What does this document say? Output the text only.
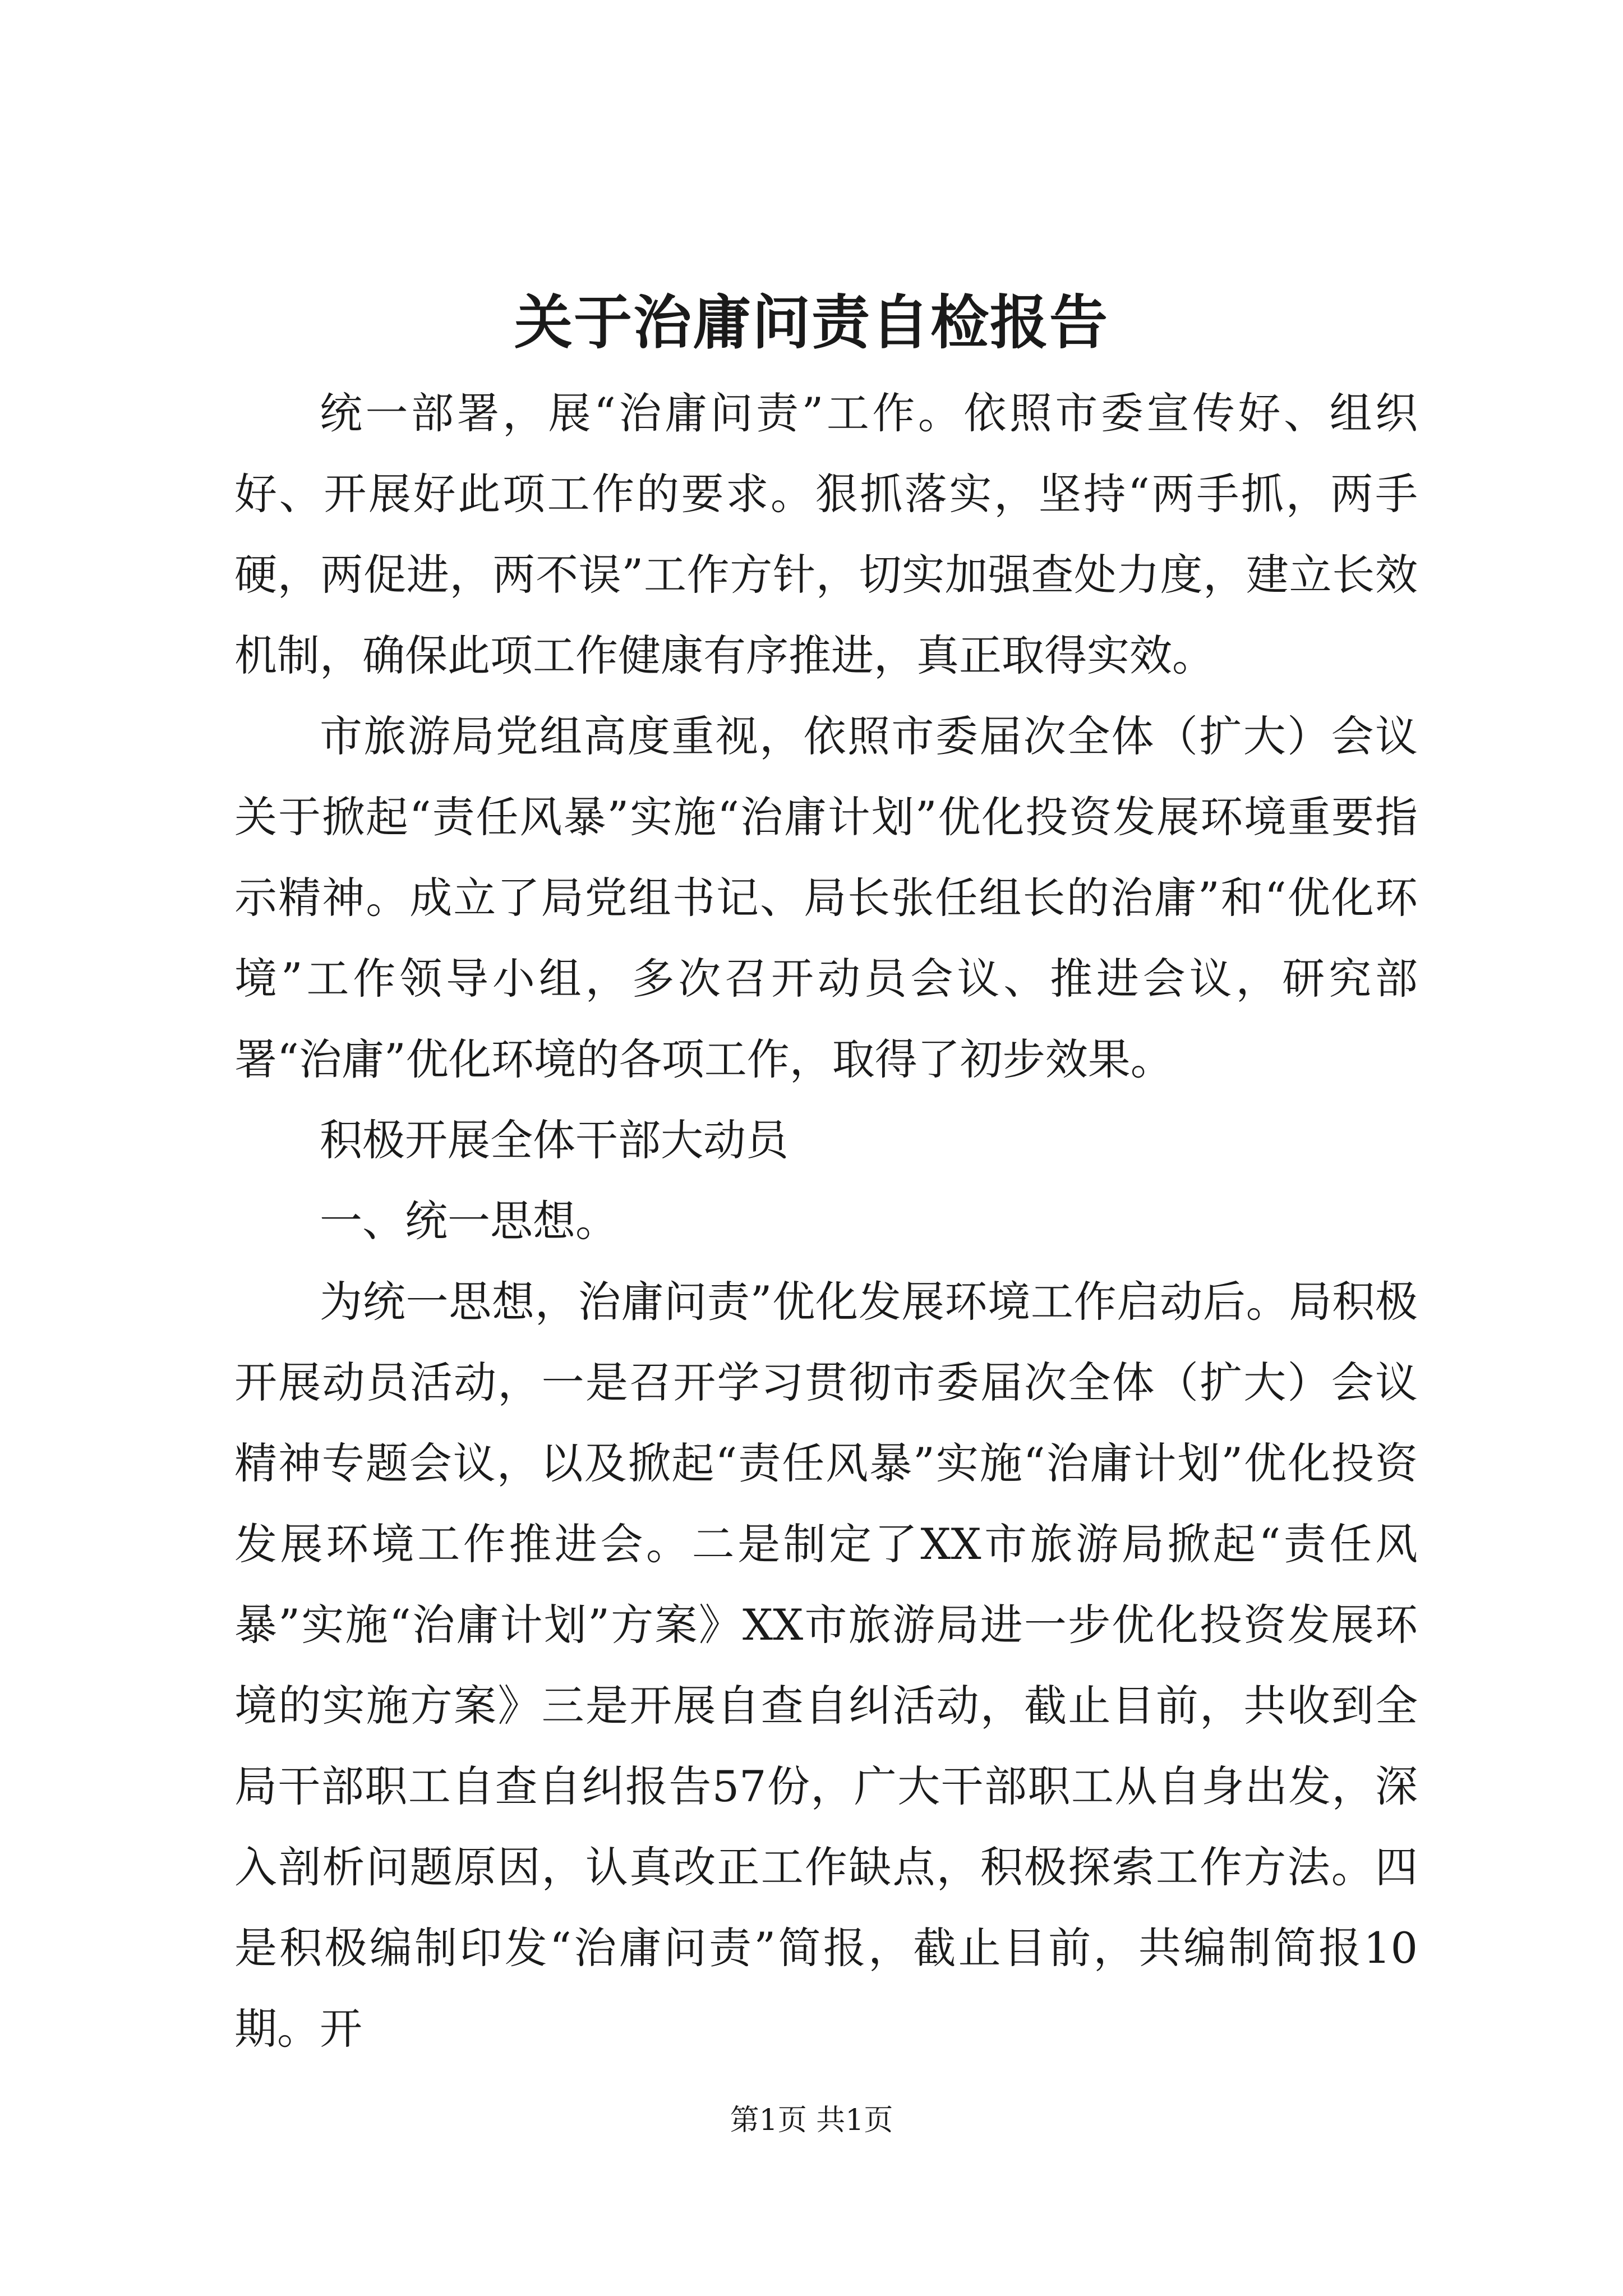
关于治庸问责自检报告

统一部署，展“治庸问责”工作。依照市委宣传好、组织好、开展好此项工作的要求。狠抓落实，坚持“两手抓，两手硬，两促进，两不误”工作方针，切实加强查处力度，建立长效机制，确保此项工作健康有序推进，真正取得实效。

市旅游局党组高度重视，依照市委届次全体（扩大）会议关于掀起“责任风暴”实施“治庸计划”优化投资发展环境重要指示精神。成立了局党组书记、局长张任组长的治庸”和“优化环境”工作领导小组，多次召开动员会议、推进会议，研究部署“治庸”优化环境的各项工作，取得了初步效果。

积极开展全体干部大动员

一、统一思想。

为统一思想，治庸问责”优化发展环境工作启动后。局积极开展动员活动，一是召开学习贯彻市委届次全体（扩大）会议精神专题会议，以及掀起“责任风暴”实施“治庸计划”优化投资发展环境工作推进会。二是制定了XX市旅游局掀起“责任风暴”实施“治庸计划”方案》XX市旅游局进一步优化投资发展环境的实施方案》三是开展自查自纠活动，截止目前，共收到全局干部职工自查自纠报告57份，广大干部职工从自身出发，深入剖析问题原因，认真改正工作缺点，积极探索工作方法。四是积极编制印发“治庸问责”简报，截止目前，共编制简报10期。开

第1页 共1页
